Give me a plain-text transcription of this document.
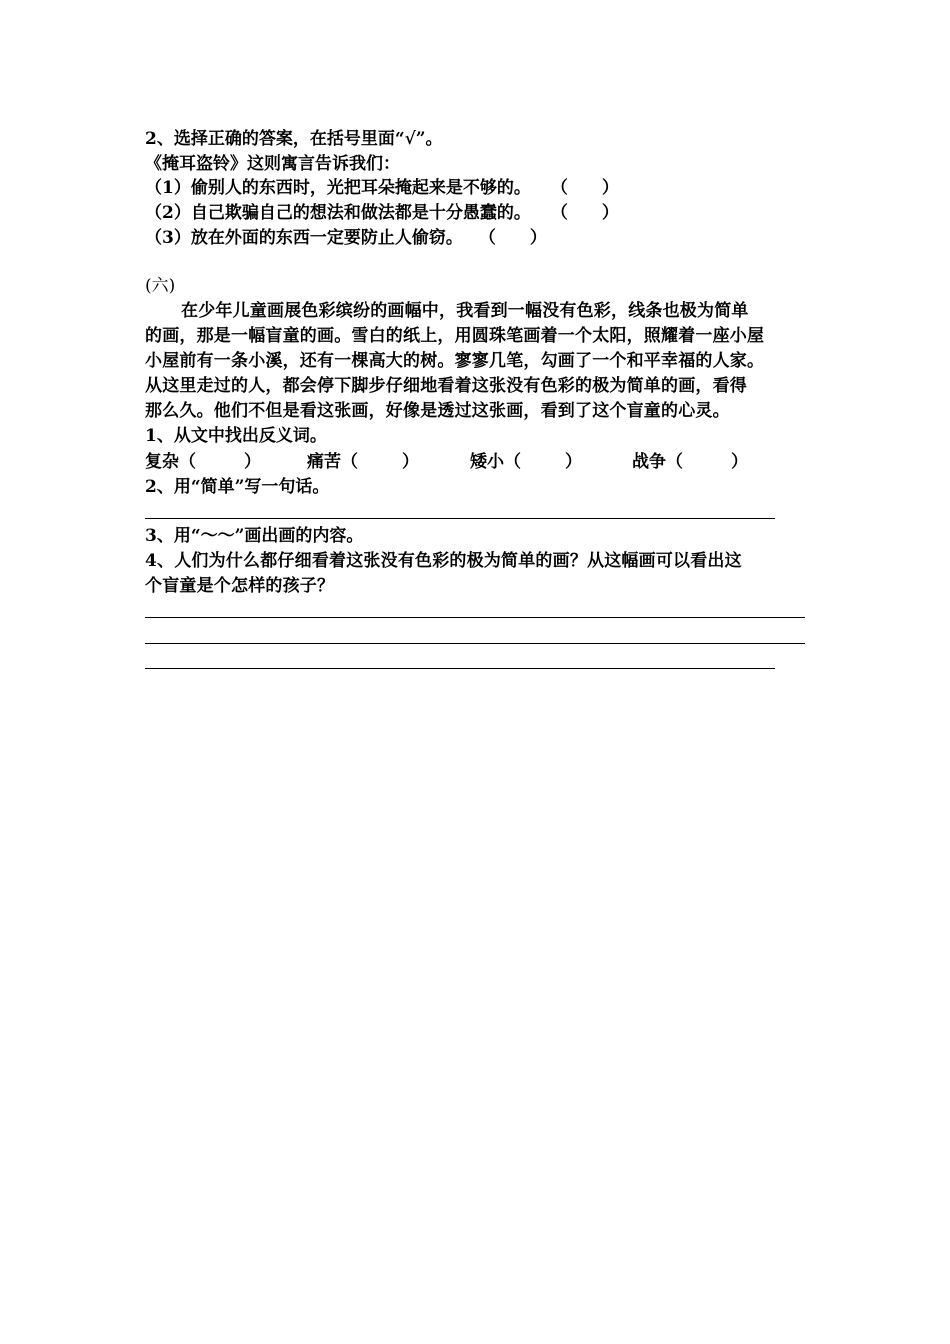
2、选择正确的答案，在括号里面“√”。
《掩耳盗铃》这则寓言告诉我们：
（1）偷别人的东西时，光把耳朵掩起来是不够的。 （　　）
（2）自己欺骗自己的想法和做法都是十分愚蠢的。 （　　）
（3）放在外面的东西一定要防止人偷窃。 （　　）
(六)
在少年儿童画展色彩缤纷的画幅中，我看到一幅没有色彩，线条也极为简单
的画，那是一幅盲童的画。雪白的纸上，用圆珠笔画着一个太阳，照耀着一座小屋
小屋前有一条小溪，还有一棵高大的树。寥寥几笔，勾画了一个和平幸福的人家。
从这里走过的人，都会停下脚步仔细地看着这张没有色彩的极为简单的画，看得
那么久。他们不但是看这张画，好像是透过这张画，看到了这个盲童的心灵。
1、从文中找出反义词。
复杂（	）	痛苦（	）	矮小（	）	战争（	）
2、用“简单”写一句话。
3、用“～～”画出画的内容。
4、人们为什么都仔细看着这张没有色彩的极为简单的画？从这幅画可以看出这
个盲童是个怎样的孩子？
